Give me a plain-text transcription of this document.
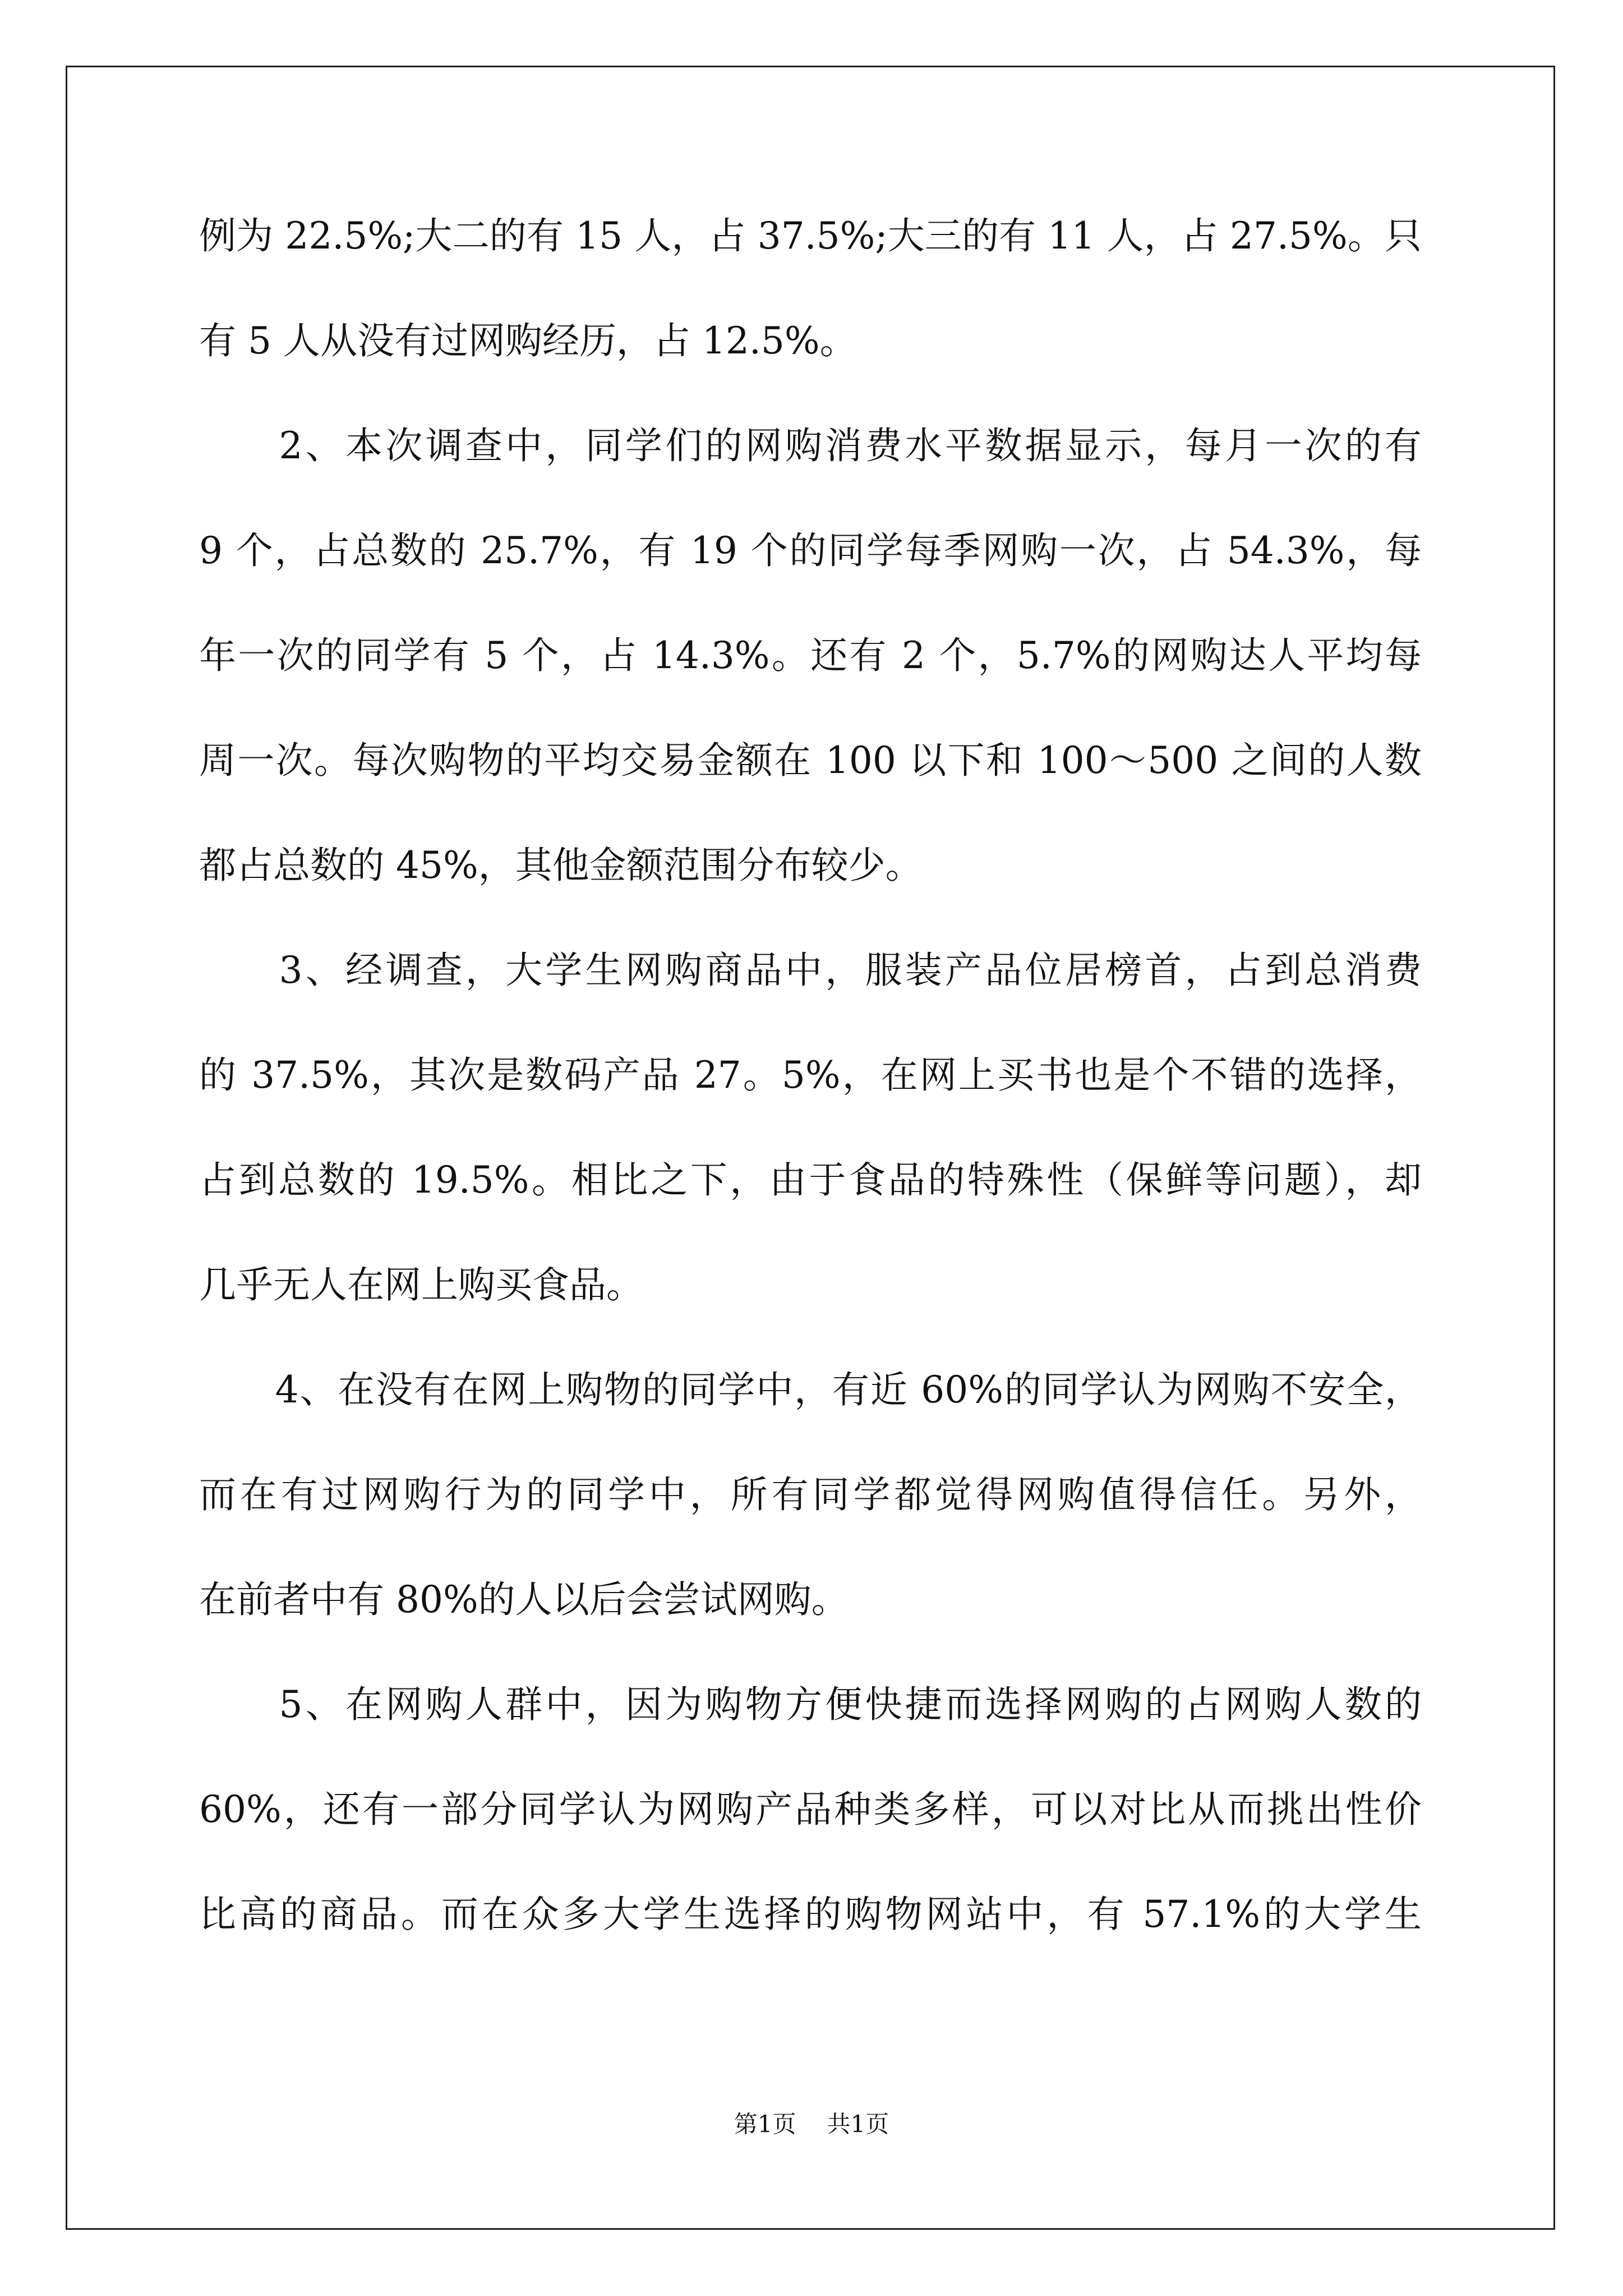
例为 22.5%;大二的有 15 人，占 37.5%;大三的有 11 人，占 27.5%。只
有 5 人从没有过网购经历，占 12.5%。
　　2、本次调查中，同学们的网购消费水平数据显示，每月一次的有
9 个，占总数的 25.7%，有 19 个的同学每季网购一次，占 54.3%，每
年一次的同学有 5 个，占 14.3%。还有 2 个，5.7%的网购达人平均每
周一次。每次购物的平均交易金额在 100 以下和 100～500 之间的人数
都占总数的 45%，其他金额范围分布较少。
　　3、经调查，大学生网购商品中，服装产品位居榜首，占到总消费
的 37.5%，其次是数码产品 27。5%，在网上买书也是个不错的选择，
占到总数的 19.5%。相比之下，由于食品的特殊性（保鲜等问题），却
几乎无人在网上购买食品。
　　4、在没有在网上购物的同学中，有近 60%的同学认为网购不安全，
而在有过网购行为的同学中，所有同学都觉得网购值得信任。另外，
在前者中有 80%的人以后会尝试网购。
　　5、在网购人群中，因为购物方便快捷而选择网购的占网购人数的
60%，还有一部分同学认为网购产品种类多样，可以对比从而挑出性价
比高的商品。而在众多大学生选择的购物网站中，有 57.1%的大学生
第1页 共1页
